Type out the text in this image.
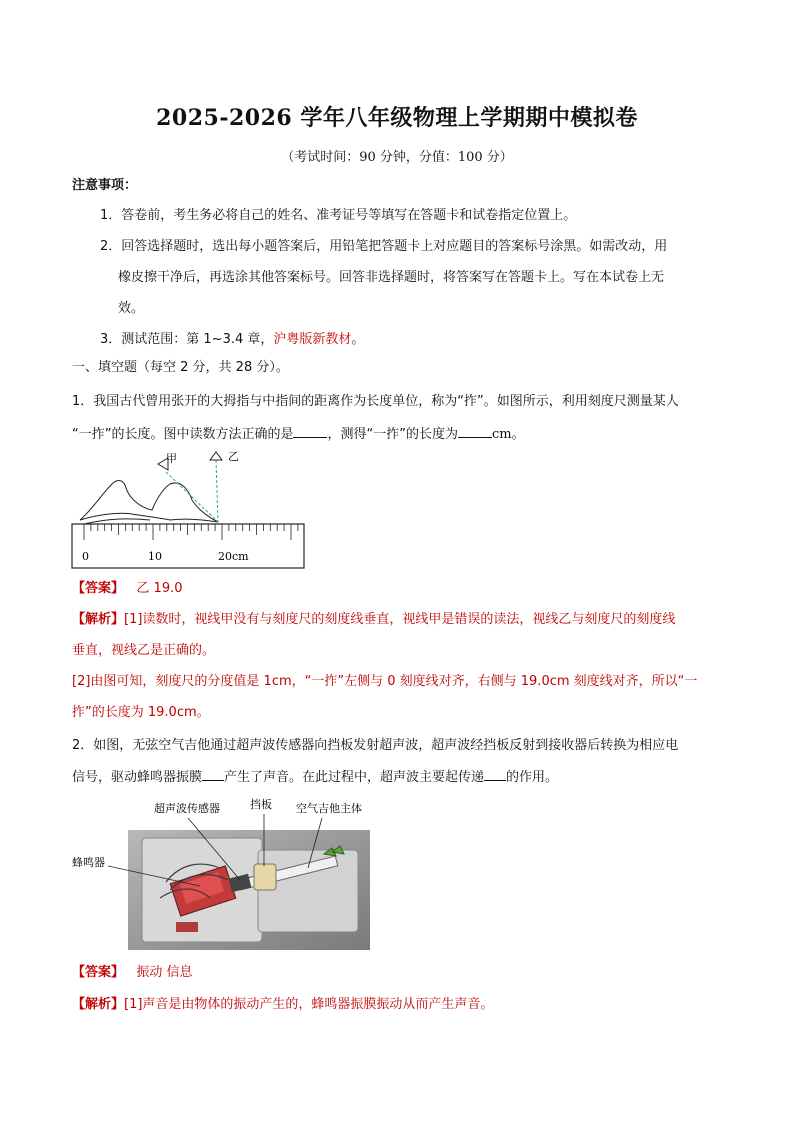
2025-2026 学年八年级物理上学期期中模拟卷
（考试时间：90 分钟，分值：100 分）
注意事项：
1．答卷前，考生务必将自己的姓名、准考证号等填写在答题卡和试卷指定位置上。
2．回答选择题时，选出每小题答案后，用铅笔把答题卡上对应题目的答案标号涂黑。如需改动，用
橡皮擦干净后，再选涂其他答案标号。回答非选择题时，将答案写在答题卡上。写在本试卷上无
效。
3．测试范围：第 1~3.4 章，沪粤版新教材。
一、填空题（每空 2 分，共 28 分）。
1．我国古代曾用张开的大拇指与中指间的距离作为长度单位，称为“拃”。如图所示，利用刻度尺测量某人
“一拃”的长度。图中读数方法正确的是	，测得“一拃”的长度为	cm。
甲	乙
0	10	20cm
【答案】 乙 19.0
【解析】[1]读数时，视线甲没有与刻度尺的刻度线垂直，视线甲是错误的读法，视线乙与刻度尺的刻度线
垂直，视线乙是正确的。
[2]由图可知，刻度尺的分度值是 1cm，“一拃”左侧与 0 刻度线对齐，右侧与 19.0cm 刻度线对齐，所以“一
拃”的长度为 19.0cm。
2．如图，无弦空气吉他通过超声波传感器向挡板发射超声波，超声波经挡板反射到接收器后转换为相应电
信号，驱动蜂鸣器振膜 产生了声音。在此过程中，超声波主要起传递 的作用。
超声波传感器	挡板 空气吉他主体
蜂鸣器
【答案】 振动 信息
【解析】[1]声音是由物体的振动产生的，蜂鸣器振膜振动从而产生声音。
